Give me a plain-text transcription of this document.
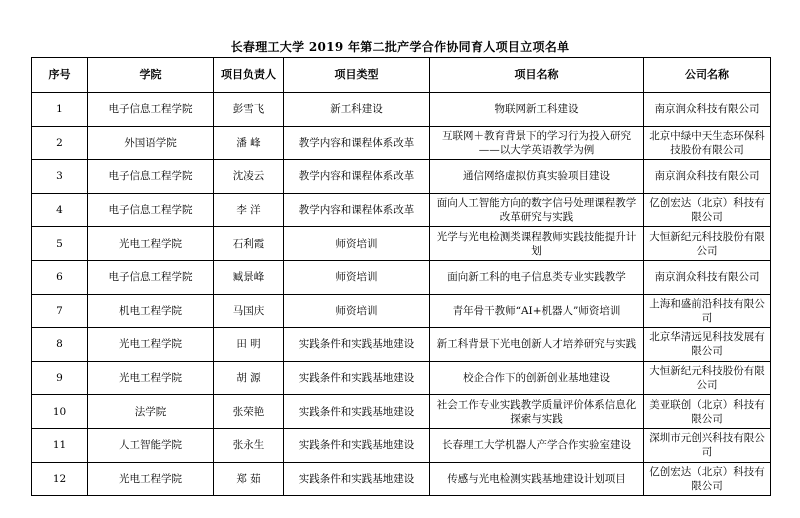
长春理工大学 2019 年第二批产学合作协同育人项目立项名单
序号	学院	项目负责人	项目类型	项目名称	公司名称
1	电子信息工程学院	彭雪飞	新工科建设	物联网新工科建设	南京润众科技有限公司
2	外国语学院	潘 峰	教学内容和课程体系改革	互联网＋教育背景下的学习行为投入研究——以大学英语教学为例	北京中绿中天生态环保科技股份有限公司
3	电子信息工程学院	沈凌云	教学内容和课程体系改革	通信网络虚拟仿真实验项目建设	南京润众科技有限公司
4	电子信息工程学院	李 洋	教学内容和课程体系改革	面向人工智能方向的数字信号处理课程教学改革研究与实践	亿创宏达（北京）科技有限公司
5	光电工程学院	石利霞	师资培训	光学与光电检测类课程教师实践技能提升计划	大恒新纪元科技股份有限公司
6	电子信息工程学院	臧景峰	师资培训	面向新工科的电子信息类专业实践教学	南京润众科技有限公司
7	机电工程学院	马国庆	师资培训	青年骨干教师“AI+机器人”师资培训	上海和盛前沿科技有限公司
8	光电工程学院	田 明	实践条件和实践基地建设	新工科背景下光电创新人才培养研究与实践	北京华清远见科技发展有限公司
9	光电工程学院	胡 源	实践条件和实践基地建设	校企合作下的创新创业基地建设	大恒新纪元科技股份有限公司
10	法学院	张荣艳	实践条件和实践基地建设	社会工作专业实践教学质量评价体系信息化探索与实践	美亚联创（北京）科技有限公司
11	人工智能学院	张永生	实践条件和实践基地建设	长春理工大学机器人产学合作实验室建设	深圳市元创兴科技有限公司
12	光电工程学院	郑 茹	实践条件和实践基地建设	传感与光电检测实践基地建设计划项目	亿创宏达（北京）科技有限公司
